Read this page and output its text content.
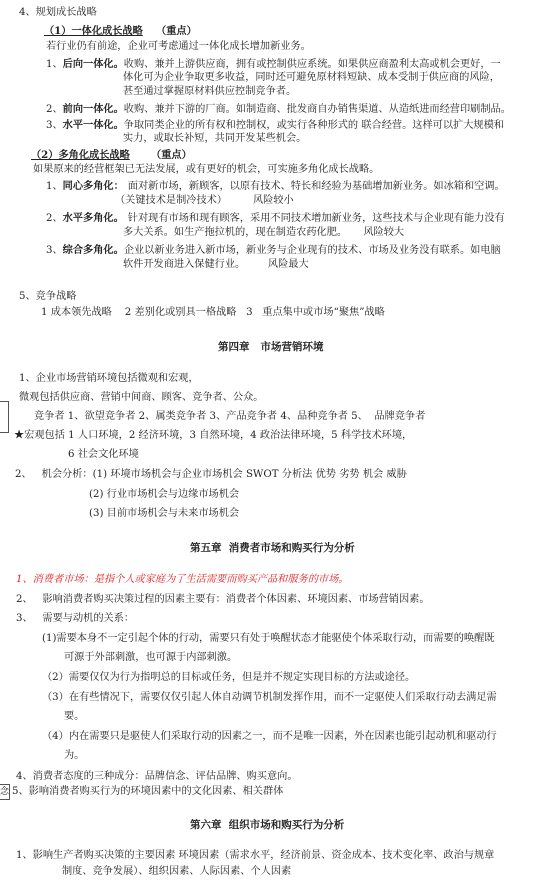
4、规划成长战略
（1）一体化成长战略 （重点）
若行业仍有前途，企业可考虑通过一体化成长增加新业务。
1、后向一体化。收购、兼并上游供应商，拥有或控制供应系统。如果供应商盈利太高或机会更好，一
体化可为企业争取更多收益，同时还可避免原材料短缺、成本受制于供应商的风险，
甚至通过掌握原材料供应控制竞争者。
2、前向一体化。收购、兼并下游的厂商。如制造商、批发商自办销售渠道、从造纸进而经营印刷制品。
3、水平一体化。争取同类企业的所有权和控制权，或实行各种形式的 联合经营。这样可以扩大规模和
实力，或取长补短，共同开发某些机会。
（2）多角化成长战略 （重点）
如果原来的经营框架已无法发展，或有更好的机会，可实施多角化成长战略。
1、同心多角化： 面对新市场，新顾客，以原有技术、特长和经验为基础增加新业务。如冰箱和空调。
（关键技术是制冷技术）        风险较小
2、水平多角化。 针对现有市场和现有顾客，采用不同技术增加新业务，这些技术与企业现有能力没有
多大关系。如生产拖拉机的，现在制造农药化肥。     风险较大
3、综合多角化。企业以新业务进入新市场，新业务与企业现有的技术、市场及业务没有联系。如电脑
软件开发商进入保健行业。       风险最大
5、竞争战略
1 成本领先战略    2 差别化或别具一格战略   3   重点集中或市场“聚焦”战略
第四章   市场营销环境
1、企业市场营销环境包括微观和宏观，
微观包括供应商、营销中间商、顾客、竞争者、公众。
竞争者 1、欲望竞争者 2、属类竞争者 3、产品竞争者 4、品种竞争者 5、  品牌竞争者
★宏观包括 1 人口环境，2 经济环境，3 自然环境，4 政治法律环境，5 科学技术环境，
6 社会文化环境
2、 机会分析：(1) 环境市场机会与企业市场机会 SWOT 分析法 优势 劣势 机会 威胁
(2) 行业市场机会与边缘市场机会
(3) 目前市场机会与未来市场机会
第五章  消费者市场和购买行为分析
1、消费者市场：是指个人或家庭为了生活需要而购买产品和服务的市场。
2、   影响消费者购买决策过程的因素主要有：消费者个体因素、环境因素、市场营销因素。
3、   需要与动机的关系：
(1)需要本身不一定引起个体的行动，需要只有处于唤醒状态才能驱使个体采取行动，而需要的唤醒既
可源于外部刺激，也可源于内部刺激。
（2）需要仅仅为行为指明总的目标或任务，但是并不规定实现目标的方法或途径。
（3）在有些情况下，需要仅仅引起人体自动调节机制发挥作用，而不一定驱使人们采取行动去满足需
要。
（4）内在需要只是驱使人们采取行动的因素之一，而不是唯一因素，外在因素也能引起动机和驱动行
为。
4、消费者态度的三种成分：品牌信念、评估品牌、购买意向。
念 5、影响消费者购买行为的环境因素中的文化因素、相关群体
第六章  组织市场和购买行为分析
1、影响生产者购买决策的主要因素 环境因素（需求水平，经济前景、资金成本、技术变化率、政治与规章
制度、竞争发展）、组织因素、人际因素、个人因素
